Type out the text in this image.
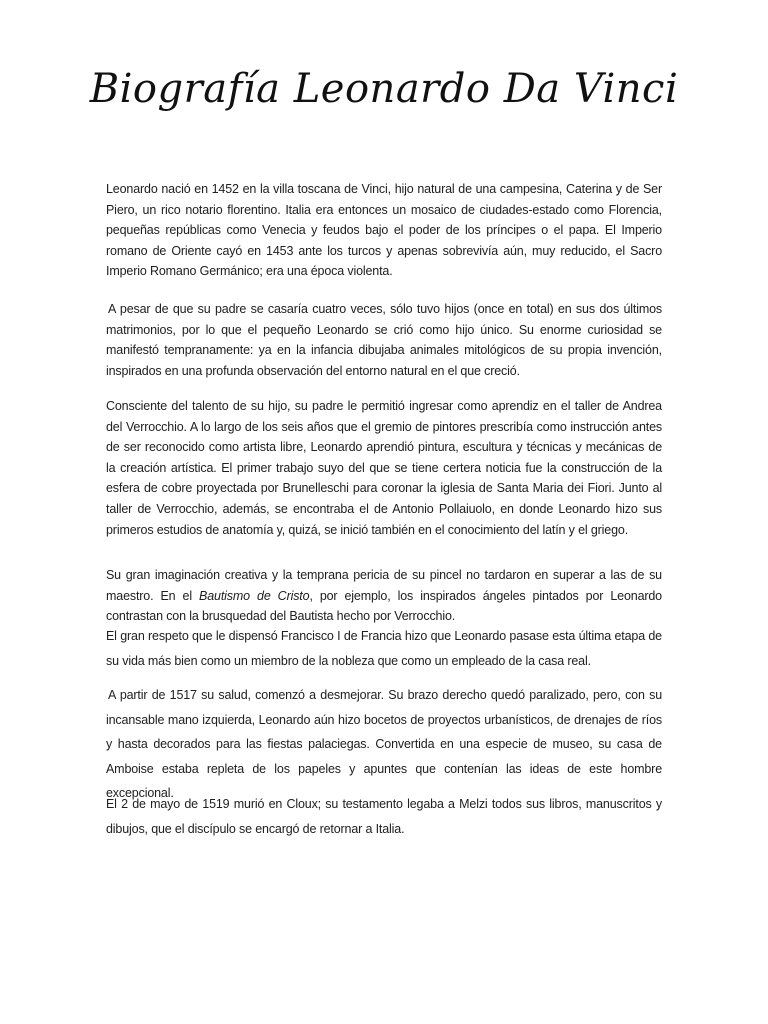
Biografía Leonardo Da Vinci

Leonardo nació en 1452 en la villa toscana de Vinci, hijo natural de una campesina, Caterina y de Ser Piero, un rico notario florentino. Italia era entonces un mosaico de ciudades-estado como Florencia, pequeñas repúblicas como Venecia y feudos bajo el poder de los príncipes o el papa. El Imperio romano de Oriente cayó en 1453 ante los turcos y apenas sobrevivía aún, muy reducido, el Sacro Imperio Romano Germánico; era una época violenta.

A pesar de que su padre se casaría cuatro veces, sólo tuvo hijos (once en total) en sus dos últimos matrimonios, por lo que el pequeño Leonardo se crió como hijo único. Su enorme curiosidad se manifestó tempranamente: ya en la infancia dibujaba animales mitológicos de su propia invención, inspirados en una profunda observación del entorno natural en el que creció.

Consciente del talento de su hijo, su padre le permitió ingresar como aprendiz en el taller de Andrea del Verrocchio. A lo largo de los seis años que el gremio de pintores prescribía como instrucción antes de ser reconocido como artista libre, Leonardo aprendió pintura, escultura y técnicas y mecánicas de la creación artística. El primer trabajo suyo del que se tiene certera noticia fue la construcción de la esfera de cobre proyectada por Brunelleschi para coronar la iglesia de Santa Maria dei Fiori. Junto al taller de Verrocchio, además, se encontraba el de Antonio Pollaiuolo, en donde Leonardo hizo sus primeros estudios de anatomía y, quizá, se inició también en el conocimiento del latín y el griego.

Su gran imaginación creativa y la temprana pericia de su pincel no tardaron en superar a las de su maestro. En el Bautismo de Cristo, por ejemplo, los inspirados ángeles pintados por Leonardo contrastan con la brusquedad del Bautista hecho por Verrocchio.

El gran respeto que le dispensó Francisco I de Francia hizo que Leonardo pasase esta última etapa de su vida más bien como un miembro de la nobleza que como un empleado de la casa real.

A partir de 1517 su salud, comenzó a desmejorar. Su brazo derecho quedó paralizado, pero, con su incansable mano izquierda, Leonardo aún hizo bocetos de proyectos urbanísticos, de drenajes de ríos y hasta decorados para las fiestas palaciegas. Convertida en una especie de museo, su casa de Amboise estaba repleta de los papeles y apuntes que contenían las ideas de este hombre excepcional.

El 2 de mayo de 1519 murió en Cloux; su testamento legaba a Melzi todos sus libros, manuscritos y dibujos, que el discípulo se encargó de retornar a Italia.
